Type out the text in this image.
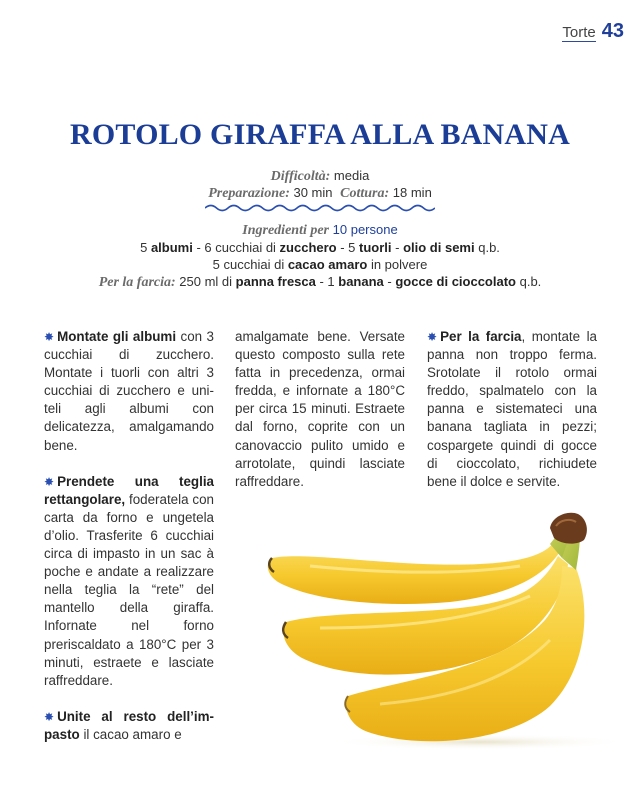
Torte 43
ROTOLO GIRAFFA ALLA BANANA
Difficoltà: media
Preparazione: 30 min Cottura: 18 min
Ingredienti per 10 persone
5 albumi - 6 cucchiai di zucchero - 5 tuorli - olio di semi q.b.
5 cucchiai di cacao amaro in polvere
Per la farcia: 250 ml di panna fresca - 1 banana - gocce di cioccolato q.b.

✸ Montate gli albumi con 3 cucchiai di zucchero. Montate i tuorli con altri 3 cucchiai di zucchero e uniteli agli albumi con delicatezza, amalgamando bene.

✸ Prendete una teglia rettangolare, foderatela con carta da forno e ungetela d’olio. Trasferite 6 cucchiai circa di impasto in un sac à poche e andate a realizzare nella teglia la “rete” del mantello della giraffa. Infornate nel forno preriscaldato a 180°C per 3 minuti, estraete e lasciate raffreddare.

✸ Unite al resto dell’impasto il cacao amaro e

amalgamate bene. Versate questo composto sulla rete fatta in precedenza, ormai fredda, e infornate a 180°C per circa 15 minuti. Estraete dal forno, coprite con un canovaccio pulito umido e arrotolate, quindi lasciate raffreddare.

✸ Per la farcia, montate la panna non troppo ferma. Srotolate il rotolo ormai freddo, spalmatelo con la panna e sistemateci una banana tagliata in pezzi; cospargete quindi di gocce di cioccolato, richiudete bene il dolce e servite.
